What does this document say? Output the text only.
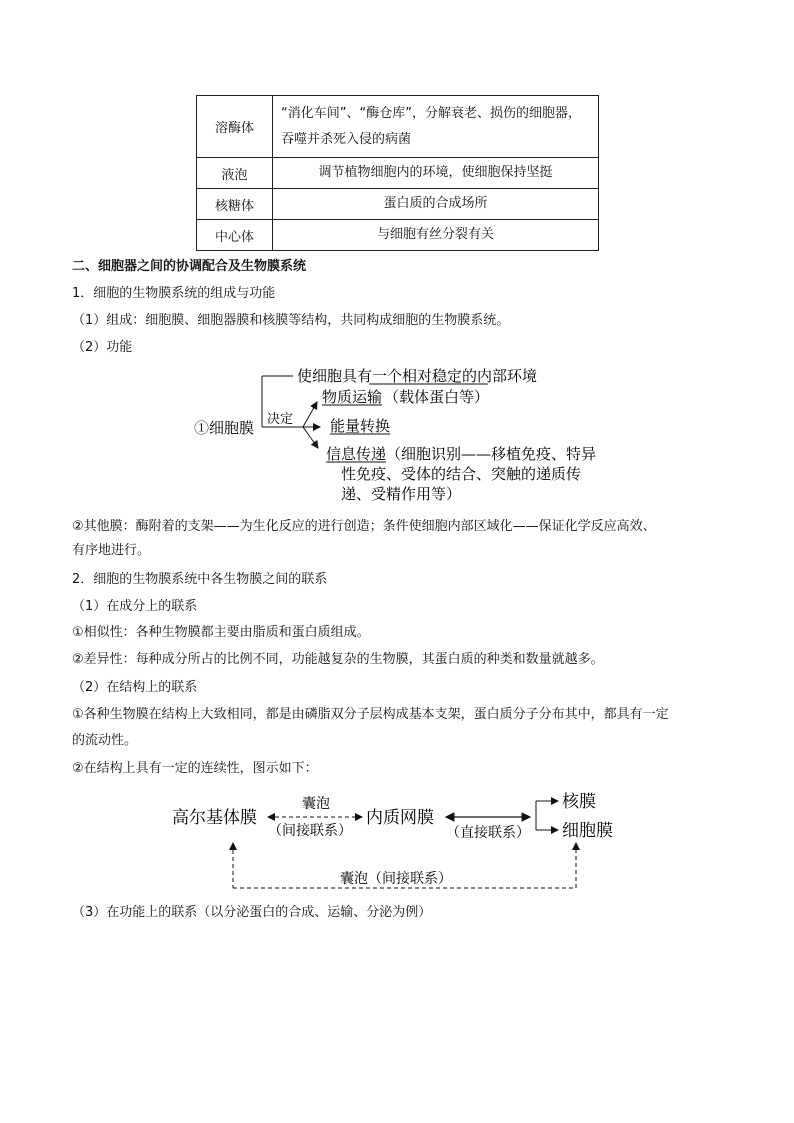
溶酶体	“消化车间”、“酶仓库”，分解衰老、损伤的细胞器，
吞噬并杀死入侵的病菌

液泡	调节植物细胞内的环境，使细胞保持坚挺
核糖体	蛋白质的合成场所
中心体	与细胞有丝分裂有关
二、细胞器之间的协调配合及生物膜系统
1．细胞的生物膜系统的组成与功能
（1）组成：细胞膜、细胞器膜和核膜等结构，共同构成细胞的生物膜系统。
（2）功能
①细胞膜
使细胞具有一个相对稳定的内部环境
决定
物质运输 （载体蛋白等）
能量转换
信息传递 （细胞识别——移植免疫、特异
性免疫、受体的结合、突触的递质传
递、受精作用等）
②其他膜：酶附着的支架——为生化反应的进行创造；条件使细胞内部区域化——保证化学反应高效、
有序地进行。
2．细胞的生物膜系统中各生物膜之间的联系
（1）在成分上的联系
①相似性：各种生物膜都主要由脂质和蛋白质组成。
②差异性：每种成分所占的比例不同，功能越复杂的生物膜，其蛋白质的种类和数量就越多。
（2）在结构上的联系
①各种生物膜在结构上大致相同，都是由磷脂双分子层构成基本支架，蛋白质分子分布其中，都具有一定
的流动性。
②在结构上具有一定的连续性，图示如下：
高尔基体膜
囊泡
（间接联系）
内质网膜
（直接联系）
核膜
细胞膜
囊泡（间接联系）
（3）在功能上的联系（以分泌蛋白的合成、运输、分泌为例）
